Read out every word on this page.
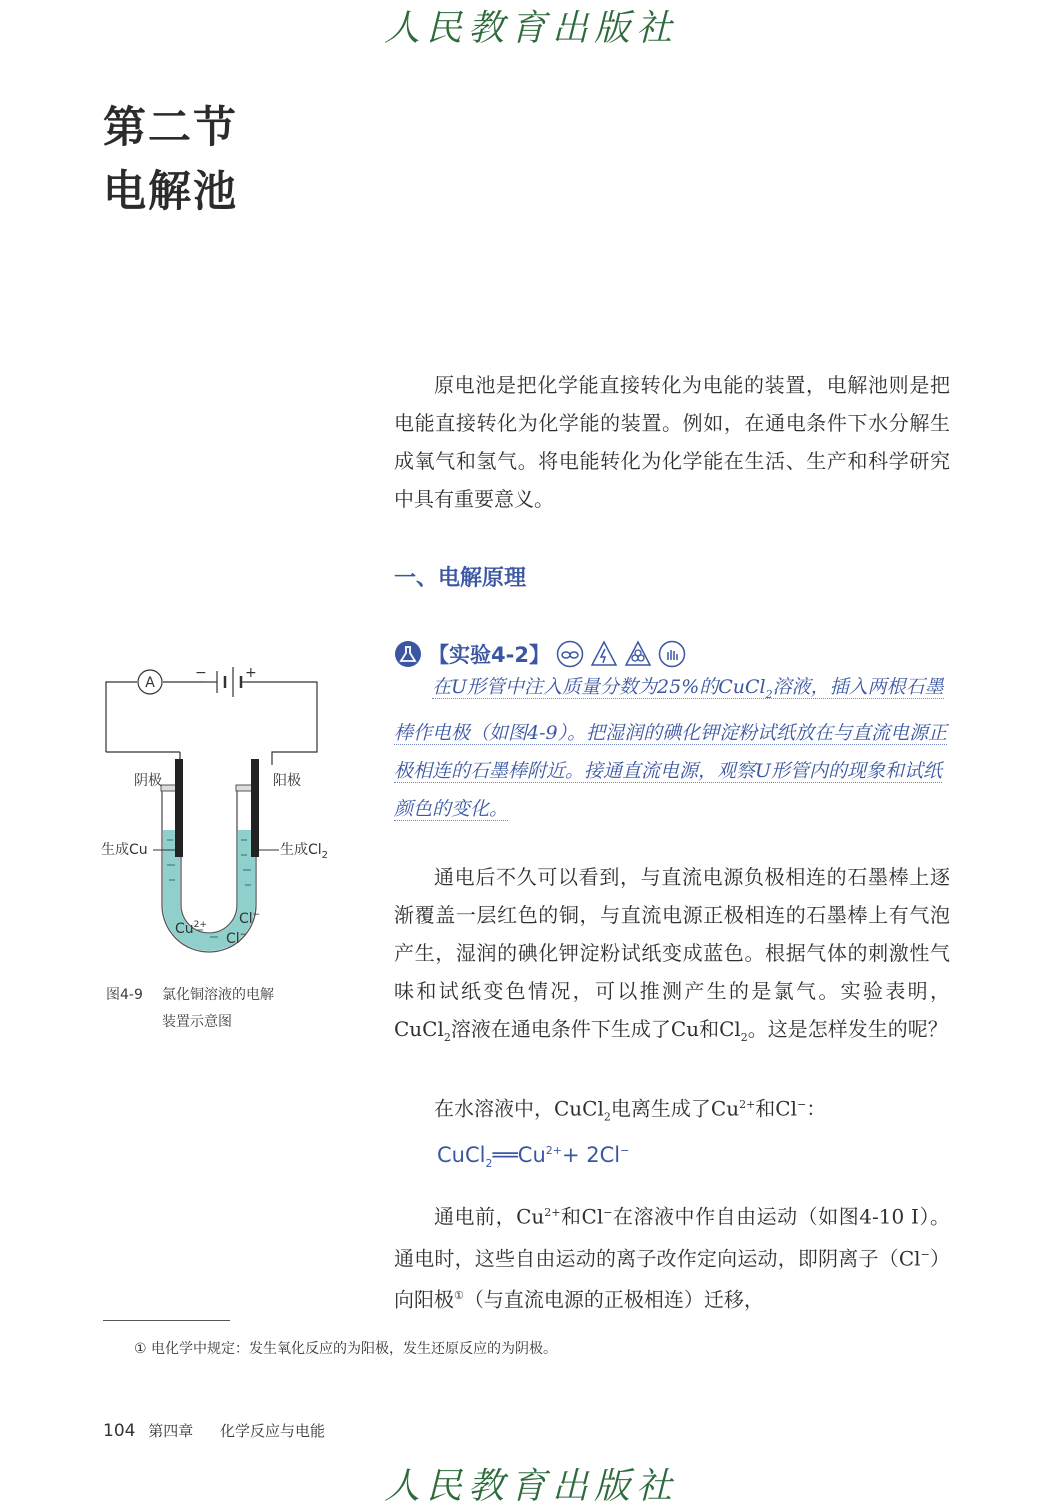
人民教育出版社
第二节
电解池
原电池是把化学能直接转化为电能的装置，电解池则是把电能直接转化为化学能的装置。例如，在通电条件下水分解生成氧气和氢气。将电能转化为化学能在生活、生产和科学研究中具有重要意义。
一、电解原理
【实验4-2】
在U形管中注入质量分数为25%的CuCl$_2$溶液，插入两根石墨棒作电极（如图4-9）。把湿润的碘化钾淀粉试纸放在与直流电源正极相连的石墨棒附近。接通直流电源，观察U形管内的现象和试纸颜色的变化。
A
−	+
阴极	阳极
生成Cu	生成$Cl_2$
$Cu^{2+}$ Cl−
Cl−
图4-9 氯化铜溶液的电解
装置示意图
通电后不久可以看到，与直流电源负极相连的石墨棒上逐渐覆盖一层红色的铜，与直流电源正极相连的石墨棒上有气泡产生，湿润的碘化钾淀粉试纸变成蓝色。根据气体的刺激性气味和试纸变色情况，可以推测产生的是氯气。实验表明，CuCl$_2$溶液在通电条件下生成了Cu和$Cl_2$。这是怎样发生的呢？
在水溶液中，CuCl$_2$电离生成了$Cu^{2+}$和Cl−：
$CuCl_2══Cu^{2+}+ 2Cl^-$
通电前，$Cu^{2+}$和Cl−在溶液中作自由运动（如图4-10 Ⅰ）。通电时，这些自由运动的离子改作定向运动，即阴离子（Cl−）向阳极①（与直流电源的正极相连）迁移，
① 电化学中规定：发生氧化反应的为阳极，发生还原反应的为阴极。
104 第四章 化学反应与电能
人民教育出版社
